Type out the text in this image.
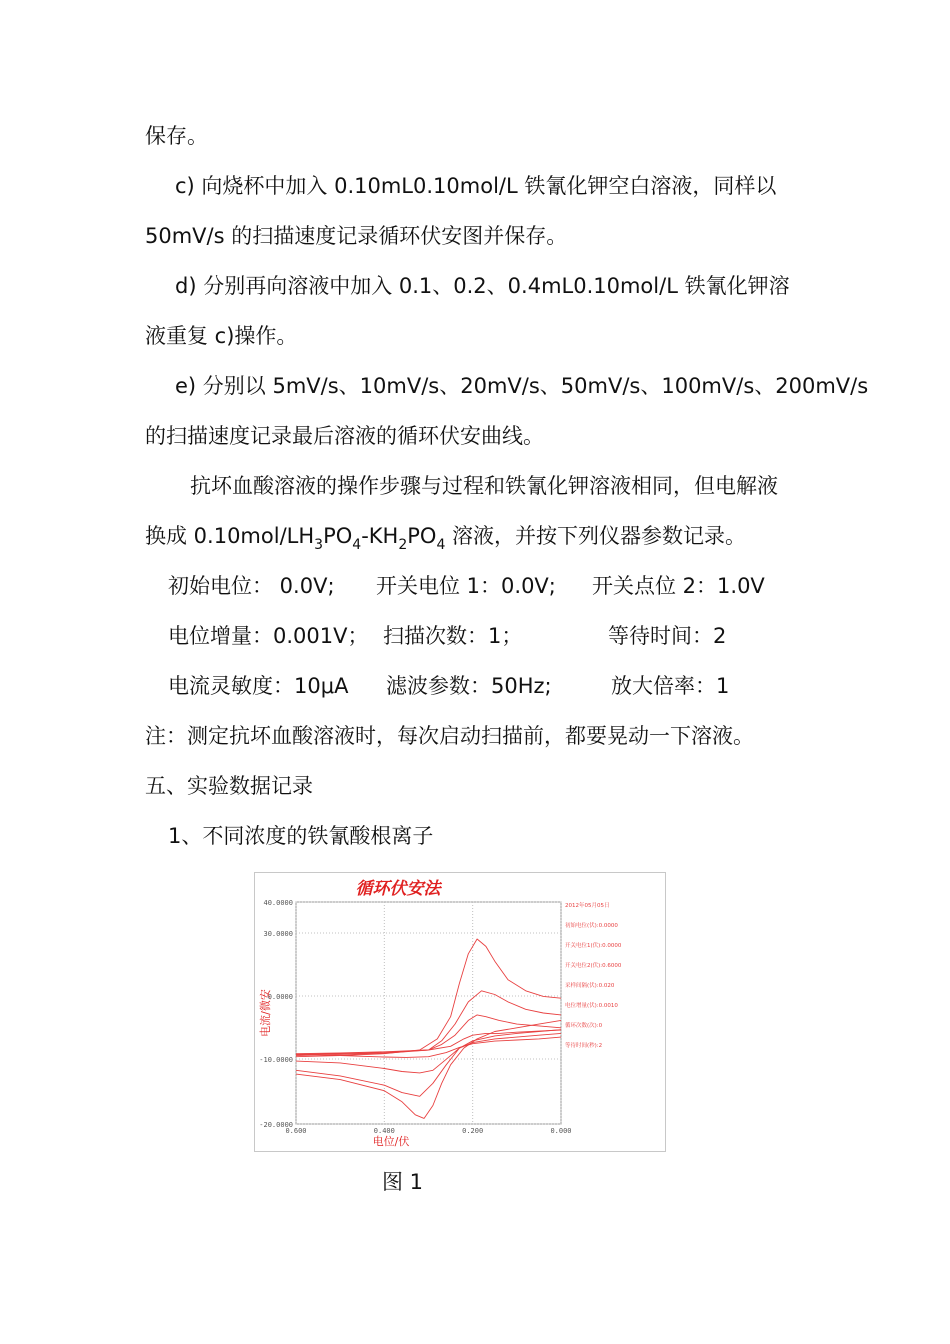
保存。
c) 向烧杯中加入 0.10mL0.10mol/L 铁氰化钾空白溶液，同样以
50mV/s 的扫描速度记录循环伏安图并保存。
d) 分别再向溶液中加入 0.1、0.2、0.4mL0.10mol/L 铁氰化钾溶
液重复 c)操作。
e) 分别以 5mV/s、10mV/s、20mV/s、50mV/s、100mV/s、200mV/s
的扫描速度记录最后溶液的循环伏安曲线。
抗坏血酸溶液的操作步骤与过程和铁氰化钾溶液相同，但电解液
换成 $0.10mol/LH_3PO_4-KH_2PO_4$ 溶液，并按下列仪器参数记录。
初始电位： 0.0V; 开关电位 1：0.0V; 开关点位 2：1.0V
电位增量：0.001V； 扫描次数：1；	等待时间：2
电流灵敏度：10μA 滤波参数：50Hz;	放大倍率：1
注：测定抗坏血酸溶液时，每次启动扫描前，都要晃动一下溶液。
五、实验数据记录
1、不同浓度的铁氰酸根离子
循环伏安法
40.0000
30.0000
0.0000
-10.0000
-20.0000
0.600	0.400	0.200	0.000
电位/伏
电流/微安
2012年05月05日
初始电位(伏):0.0000
开关电位1(伏):0.0000
开关电位2(伏):0.6000
采样间隔(伏):0.020
电位增量(伏):0.0010
循环次数(次):0
等待时间(秒):2
图 1
